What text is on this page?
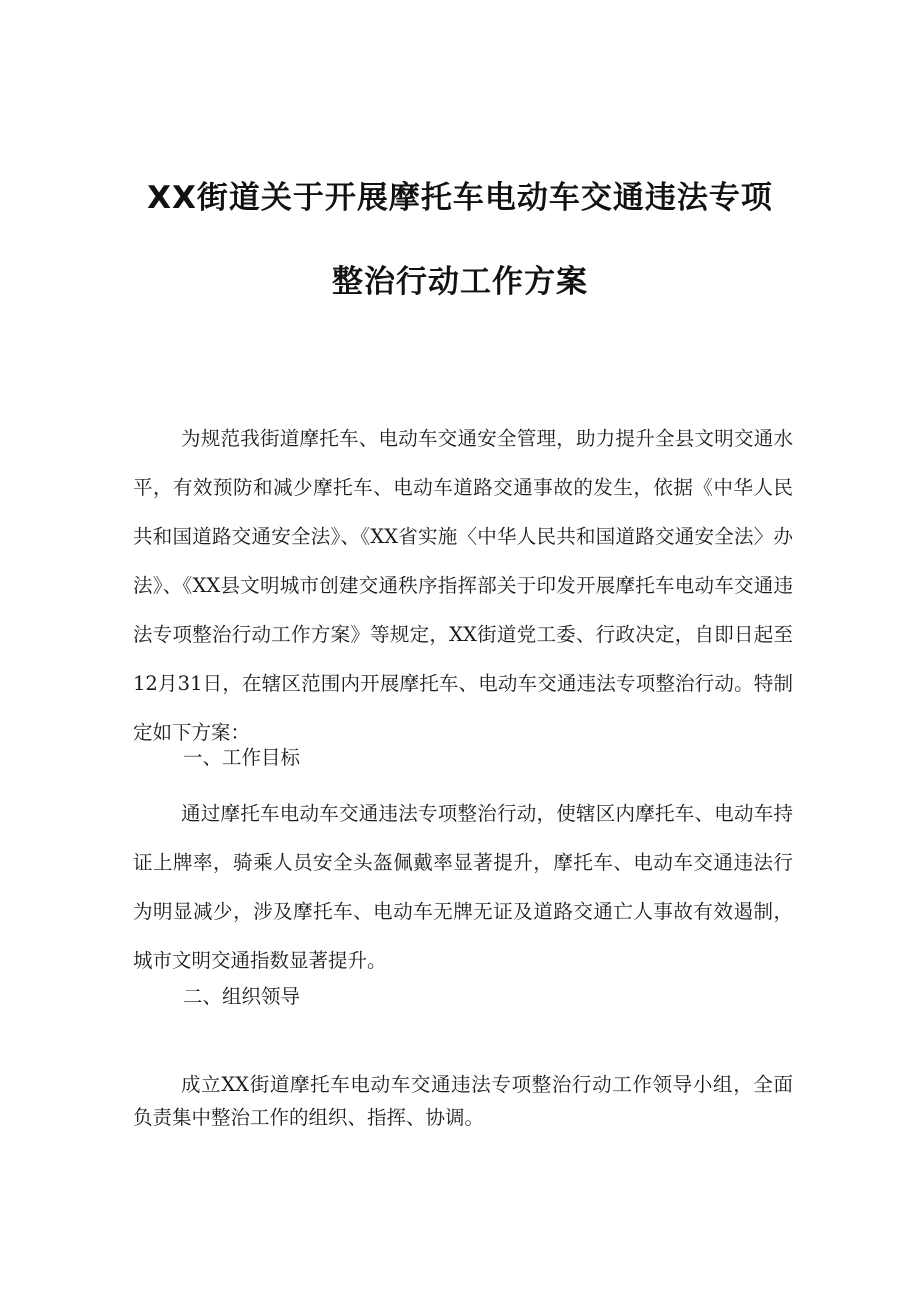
XX街道关于开展摩托车电动车交通违法专项
整治行动工作方案

为规范我街道摩托车、电动车交通安全管理，助力提升全县文明交通水平，有效预防和减少摩托车、电动车道路交通事故的发生，依据《中华人民共和国道路交通安全法》、《XX省实施〈中华人民共和国道路交通安全法〉办法》、《XX县文明城市创建交通秩序指挥部关于印发开展摩托车电动车交通违法专项整治行动工作方案》等规定，XX街道党工委、行政决定，自即日起至12月31日，在辖区范围内开展摩托车、电动车交通违法专项整治行动。特制定如下方案：

一、工作目标

通过摩托车电动车交通违法专项整治行动，使辖区内摩托车、电动车持证上牌率，骑乘人员安全头盔佩戴率显著提升，摩托车、电动车交通违法行为明显减少，涉及摩托车、电动车无牌无证及道路交通亡人事故有效遏制，城市文明交通指数显著提升。

二、组织领导

成立XX街道摩托车电动车交通违法专项整治行动工作领导小组，全面负责集中整治工作的组织、指挥、协调。
